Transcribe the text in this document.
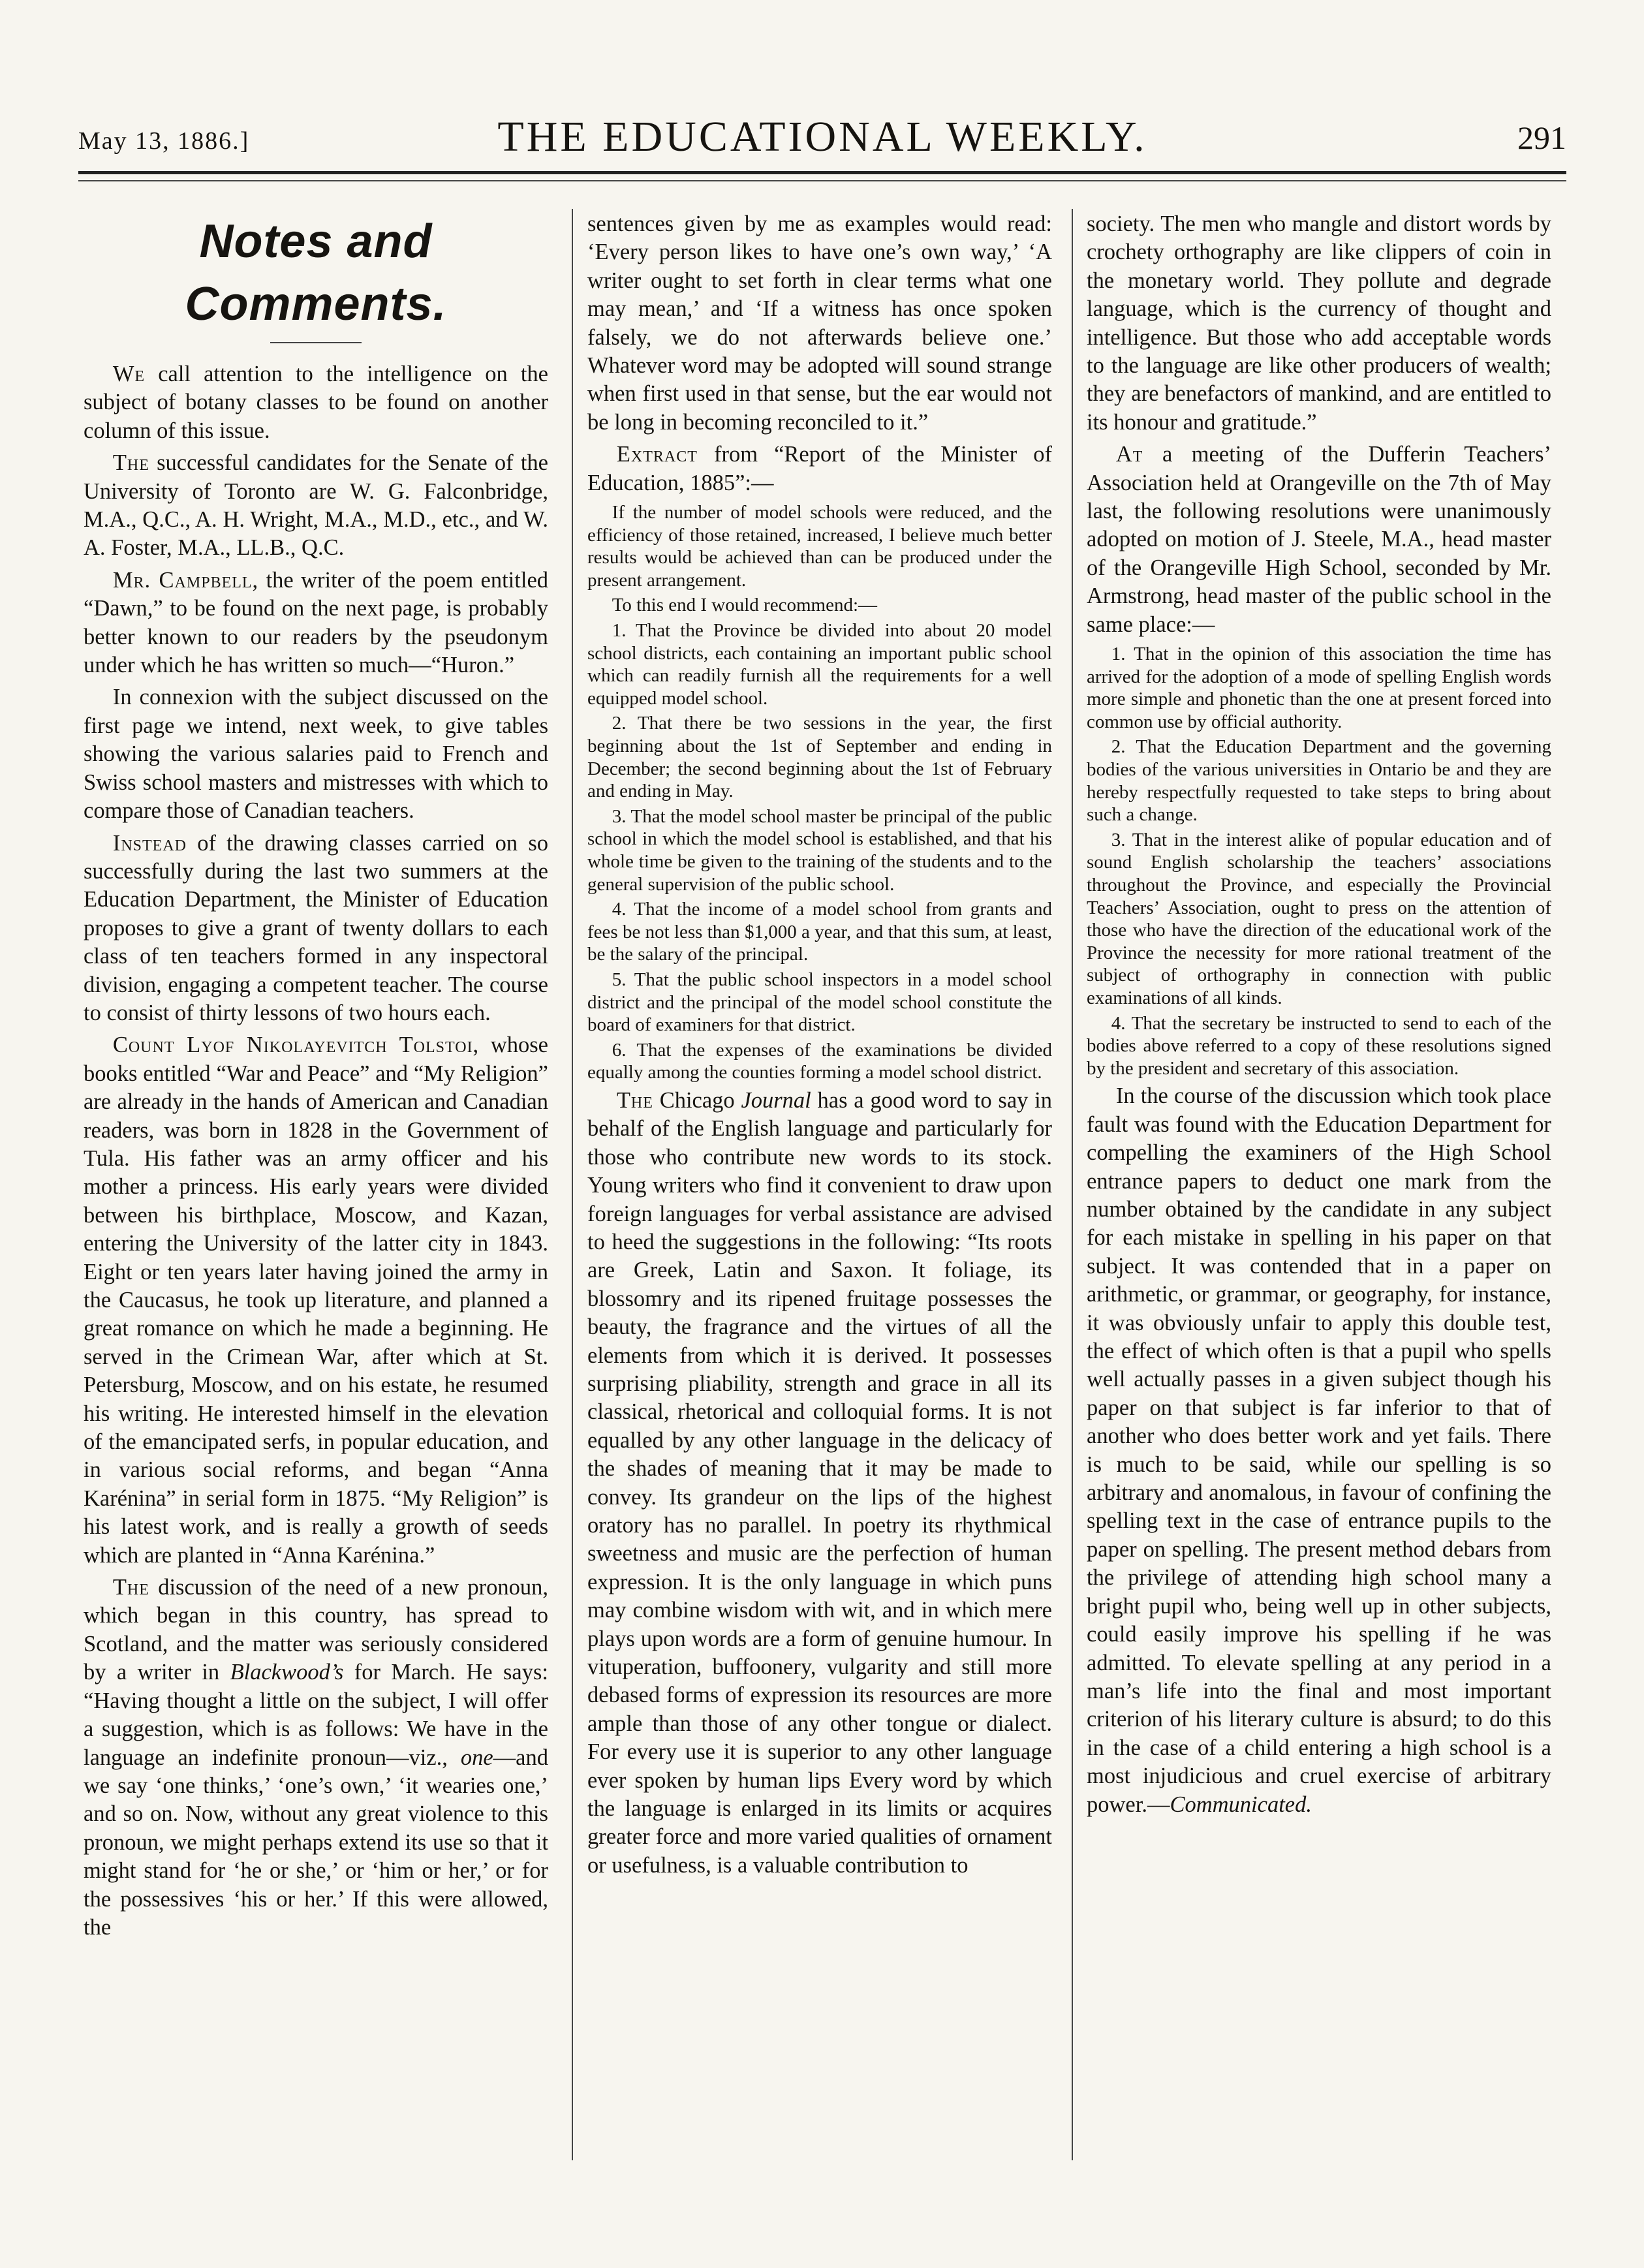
May 13, 1886.]	THE EDUCATIONAL WEEKLY.	291
Notes and Comments.

We call attention to the intelligence on the subject of botany classes to be found on another column of this issue.

The successful candidates for the Senate of the University of Toronto are W. G. Falconbridge, M.A., Q.C., A. H. Wright, M.A., M.D., etc., and W. A. Foster, M.A., LL.B., Q.C.

Mr. Campbell, the writer of the poem entitled “Dawn,” to be found on the next page, is probably better known to our readers by the pseudonym under which he has written so much—“Huron.”

In connexion with the subject discussed on the first page we intend, next week, to give tables showing the various salaries paid to French and Swiss school masters and mistresses with which to compare those of Canadian teachers.

Instead of the drawing classes carried on so successfully during the last two summers at the Education Department, the Minister of Education proposes to give a grant of twenty dollars to each class of ten teachers formed in any inspectoral division, engaging a competent teacher. The course to consist of thirty lessons of two hours each.

Count Lyof Nikolayevitch Tolstoi, whose books entitled “War and Peace” and “My Religion” are already in the hands of American and Canadian readers, was born in 1828 in the Government of Tula. His father was an army officer and his mother a princess. His early years were divided between his birthplace, Moscow, and Kazan, entering the University of the latter city in 1843. Eight or ten years later having joined the army in the Caucasus, he took up literature, and planned a great romance on which he made a beginning. He served in the Crimean War, after which at St. Petersburg, Moscow, and on his estate, he resumed his writing. He interested himself in the elevation of the emancipated serfs, in popular education, and in various social reforms, and began “Anna Karénina” in serial form in 1875. “My Religion” is his latest work, and is really a growth of seeds which are planted in “Anna Karénina.”

The discussion of the need of a new pronoun, which began in this country, has spread to Scotland, and the matter was seriously considered by a writer in Blackwood’s for March. He says: “Having thought a little on the subject, I will offer a suggestion, which is as follows: We have in the language an indefinite pronoun—viz., one—and we say ‘one thinks,’ ‘one’s own,’ ‘it wearies one,’ and so on. Now, without any great violence to this pronoun, we might perhaps extend its use so that it might stand for ‘he or she,’ or ‘him or her,’ or for the possessives ‘his or her.’ If this were allowed, the

sentences given by me as examples would read: ‘Every person likes to have one’s own way,’ ‘A writer ought to set forth in clear terms what one may mean,’ and ‘If a witness has once spoken falsely, we do not afterwards believe one.’ Whatever word may be adopted will sound strange when first used in that sense, but the ear would not be long in becoming reconciled to it.”

Extract from “Report of the Minister of Education, 1885”:—

If the number of model schools were reduced, and the efficiency of those retained, increased, I believe much better results would be achieved than can be produced under the present arrangement.

To this end I would recommend:—

1. That the Province be divided into about 20 model school districts, each containing an important public school which can readily furnish all the requirements for a well equipped model school.

2. That there be two sessions in the year, the first beginning about the 1st of September and ending in December; the second beginning about the 1st of February and ending in May.

3. That the model school master be principal of the public school in which the model school is established, and that his whole time be given to the training of the students and to the general supervision of the public school.

4. That the income of a model school from grants and fees be not less than $1,000 a year, and that this sum, at least, be the salary of the principal.

5. That the public school inspectors in a model school district and the principal of the model school constitute the board of examiners for that district.

6. That the expenses of the examinations be divided equally among the counties forming a model school district.

The Chicago Journal has a good word to say in behalf of the English language and particularly for those who contribute new words to its stock. Young writers who find it convenient to draw upon foreign languages for verbal assistance are advised to heed the suggestions in the following: “Its roots are Greek, Latin and Saxon. It foliage, its blossomry and its ripened fruitage possesses the beauty, the fragrance and the virtues of all the elements from which it is derived. It possesses surprising pliability, strength and grace in all its classical, rhetorical and colloquial forms. It is not equalled by any other language in the delicacy of the shades of meaning that it may be made to convey. Its grandeur on the lips of the highest oratory has no parallel. In poetry its rhythmical sweetness and music are the perfection of human expression. It is the only language in which puns may combine wisdom with wit, and in which mere plays upon words are a form of genuine humour. In vituperation, buffoonery, vulgarity and still more debased forms of expression its resources are more ample than those of any other tongue or dialect. For every use it is superior to any other language ever spoken by human lips Every word by which the language is enlarged in its limits or acquires greater force and more varied qualities of ornament or usefulness, is a valuable contribution to

society. The men who mangle and distort words by crochety orthography are like clippers of coin in the monetary world. They pollute and degrade language, which is the currency of thought and intelligence. But those who add acceptable words to the language are like other producers of wealth; they are benefactors of mankind, and are entitled to its honour and gratitude.”

At a meeting of the Dufferin Teachers’ Association held at Orangeville on the 7th of May last, the following resolutions were unanimously adopted on motion of J. Steele, M.A., head master of the Orangeville High School, seconded by Mr. Armstrong, head master of the public school in the same place:—

1. That in the opinion of this association the time has arrived for the adoption of a mode of spelling English words more simple and phonetic than the one at present forced into common use by official authority.

2. That the Education Department and the governing bodies of the various universities in Ontario be and they are hereby respectfully requested to take steps to bring about such a change.

3. That in the interest alike of popular education and of sound English scholarship the teachers’ associations throughout the Province, and especially the Provincial Teachers’ Association, ought to press on the attention of those who have the direction of the educational work of the Province the necessity for more rational treatment of the subject of orthography in connection with public examinations of all kinds.

4. That the secretary be instructed to send to each of the bodies above referred to a copy of these resolutions signed by the president and secretary of this association.

In the course of the discussion which took place fault was found with the Education Department for compelling the examiners of the High School entrance papers to deduct one mark from the number obtained by the candidate in any subject for each mistake in spelling in his paper on that subject. It was contended that in a paper on arithmetic, or grammar, or geography, for instance, it was obviously unfair to apply this double test, the effect of which often is that a pupil who spells well actually passes in a given subject though his paper on that subject is far inferior to that of another who does better work and yet fails. There is much to be said, while our spelling is so arbitrary and anomalous, in favour of confining the spelling text in the case of entrance pupils to the paper on spelling. The present method debars from the privilege of attending high school many a bright pupil who, being well up in other subjects, could easily improve his spelling if he was admitted. To elevate spelling at any period in a man’s life into the final and most important criterion of his literary culture is absurd; to do this in the case of a child entering a high school is a most injudicious and cruel exercise of arbitrary power.—Communicated.
